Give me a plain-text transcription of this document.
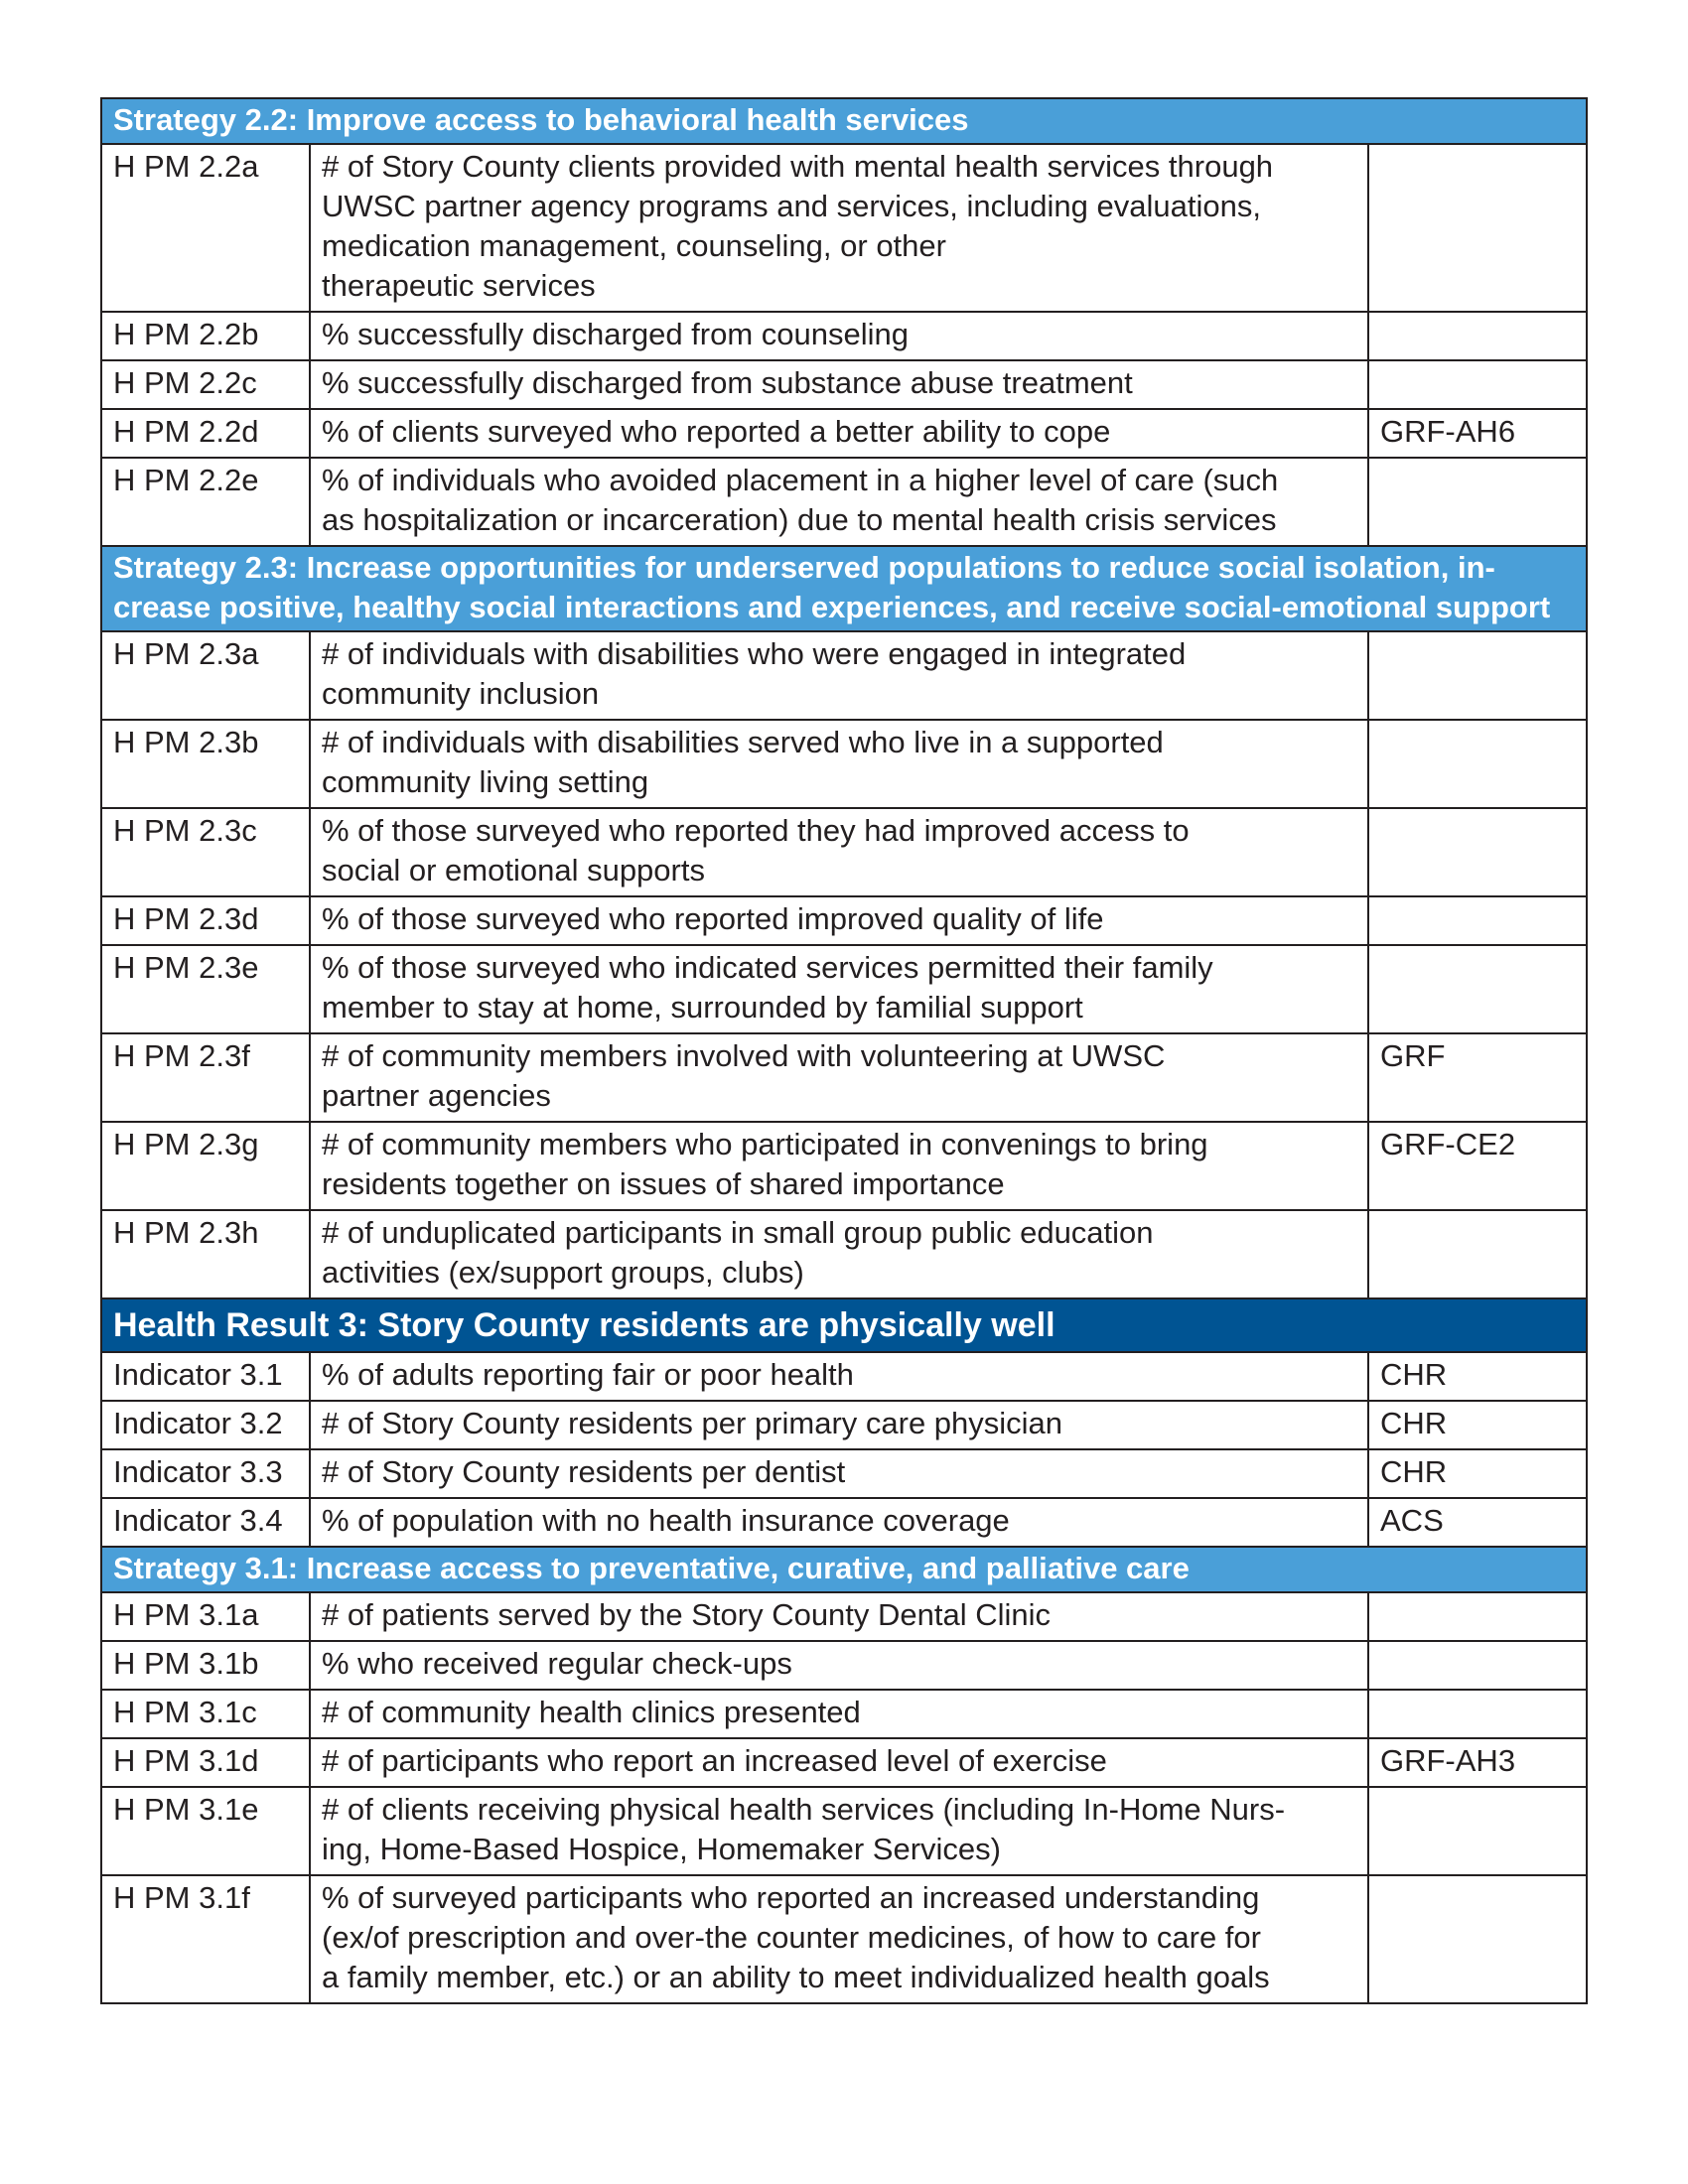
Strategy 2.2: Improve access to behavioral health services		
H PM 2.2a	# of Story County clients provided with mental health services through
UWSC partner agency programs and services, including evaluations,
medication management, counseling, or other
therapeutic services	
H PM 2.2b	% successfully discharged from counseling	
H PM 2.2c	% successfully discharged from substance abuse treatment	
H PM 2.2d	% of clients surveyed who reported a better ability to cope	GRF-AH6
H PM 2.2e	% of individuals who avoided placement in a higher level of care (such
as hospitalization or incarceration) due to mental health crisis services	
Strategy 2.3: Increase opportunities for underserved populations to reduce social isolation, in-
crease positive, healthy social interactions and experiences, and receive social-emotional support		
H PM 2.3a	# of individuals with disabilities who were engaged in integrated
community inclusion	
H PM 2.3b	# of individuals with disabilities served who live in a supported
community living setting	
H PM 2.3c	% of those surveyed who reported they had improved access to
social or emotional supports	
H PM 2.3d	% of those surveyed who reported improved quality of life	
H PM 2.3e	% of those surveyed who indicated services permitted their family
member to stay at home, surrounded by familial support	
H PM 2.3f	# of community members involved with volunteering at UWSC
partner agencies	GRF
H PM 2.3g	# of community members who participated in convenings to bring
residents together on issues of shared importance	GRF-CE2
H PM 2.3h	# of unduplicated participants in small group public education
activities (ex/support groups, clubs)	
Health Result 3: Story County residents are physically well		
Indicator 3.1	% of adults reporting fair or poor health	CHR
Indicator 3.2	# of Story County residents per primary care physician	CHR
Indicator 3.3	# of Story County residents per dentist	CHR
Indicator 3.4	% of population with no health insurance coverage	ACS
Strategy 3.1: Increase access to preventative, curative, and palliative care		
H PM 3.1a	# of patients served by the Story County Dental Clinic	
H PM 3.1b	% who received regular check-ups	
H PM 3.1c	# of community health clinics presented	
H PM 3.1d	# of participants who report an increased level of exercise	GRF-AH3
H PM 3.1e	# of clients receiving physical health services (including In-Home Nurs-
ing, Home-Based Hospice, Homemaker Services)	
H PM 3.1f	% of surveyed participants who reported an increased understanding
(ex/of prescription and over-the counter medicines, of how to care for
a family member, etc.) or an ability to meet individualized health goals	
